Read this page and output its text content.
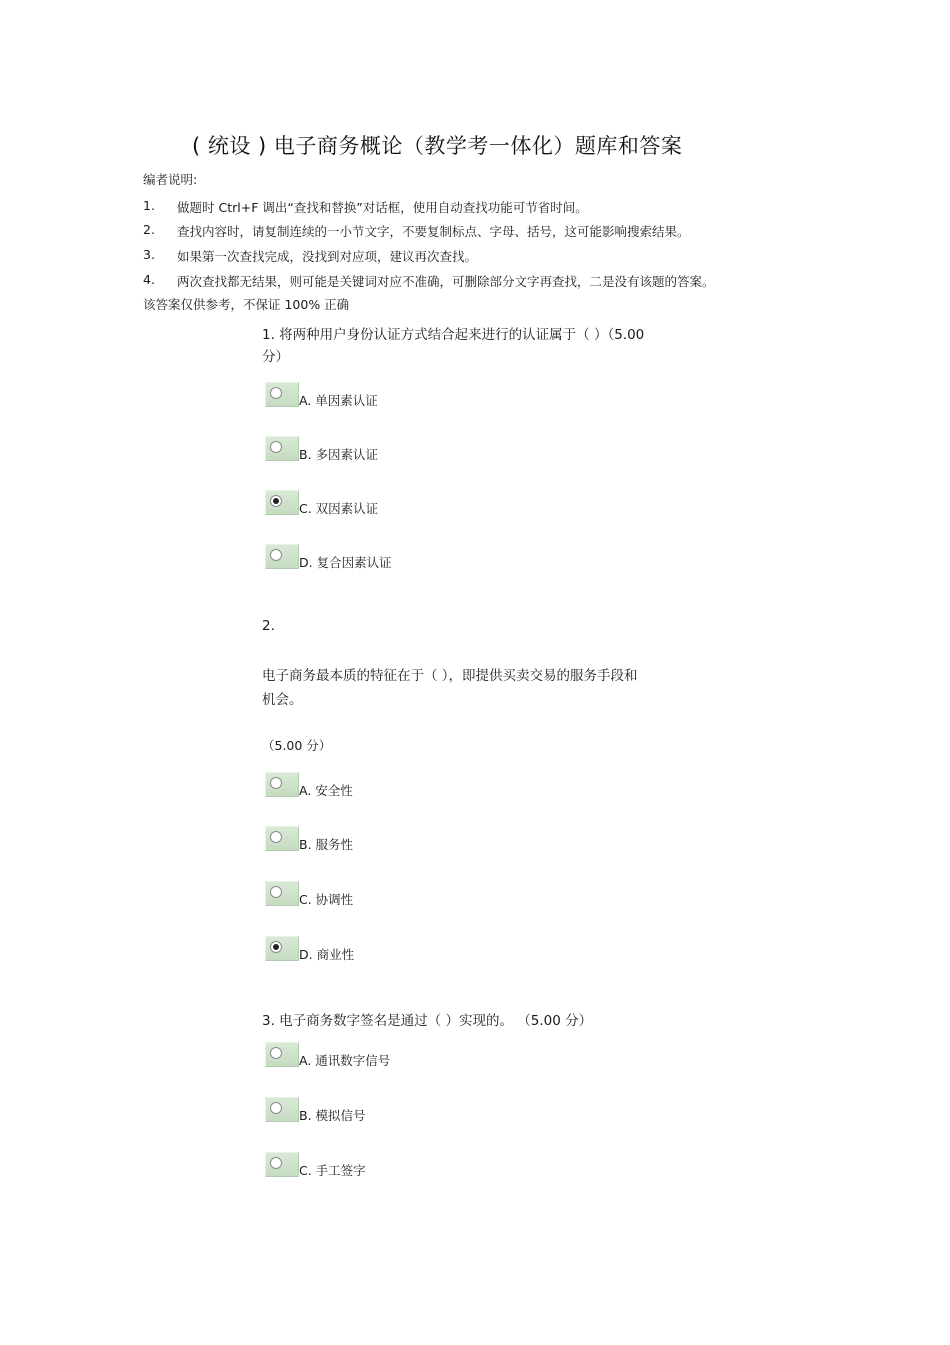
( 统设 ) 电子商务概论（教学考一体化）题库和答案
编者说明:
1. 做题时 Ctrl+F 调出“查找和替换”对话框，使用自动查找功能可节省时间。
2. 查找内容时，请复制连续的一小节文字，不要复制标点、字母、括号，这可能影响搜索结果。
3. 如果第一次查找完成，没找到对应项，建议再次查找。
4. 两次查找都无结果，则可能是关键词对应不准确，可删除部分文字再查找，二是没有该题的答案。
该答案仅供参考，不保证 100% 正确
1. 将两种用户身份认证方式结合起来进行的认证属于（ ）（5.00
分）
A. 单因素认证
B. 多因素认证
C. 双因素认证
D. 复合因素认证
2.
电子商务最本质的特征在于（ ），即提供买卖交易的服务手段和
机会。
（5.00 分）
A. 安全性
B. 服务性
C. 协调性
D. 商业性
3. 电子商务数字签名是通过（ ）实现的。 （5.00 分）
A. 通讯数字信号
B. 模拟信号
C. 手工签字
